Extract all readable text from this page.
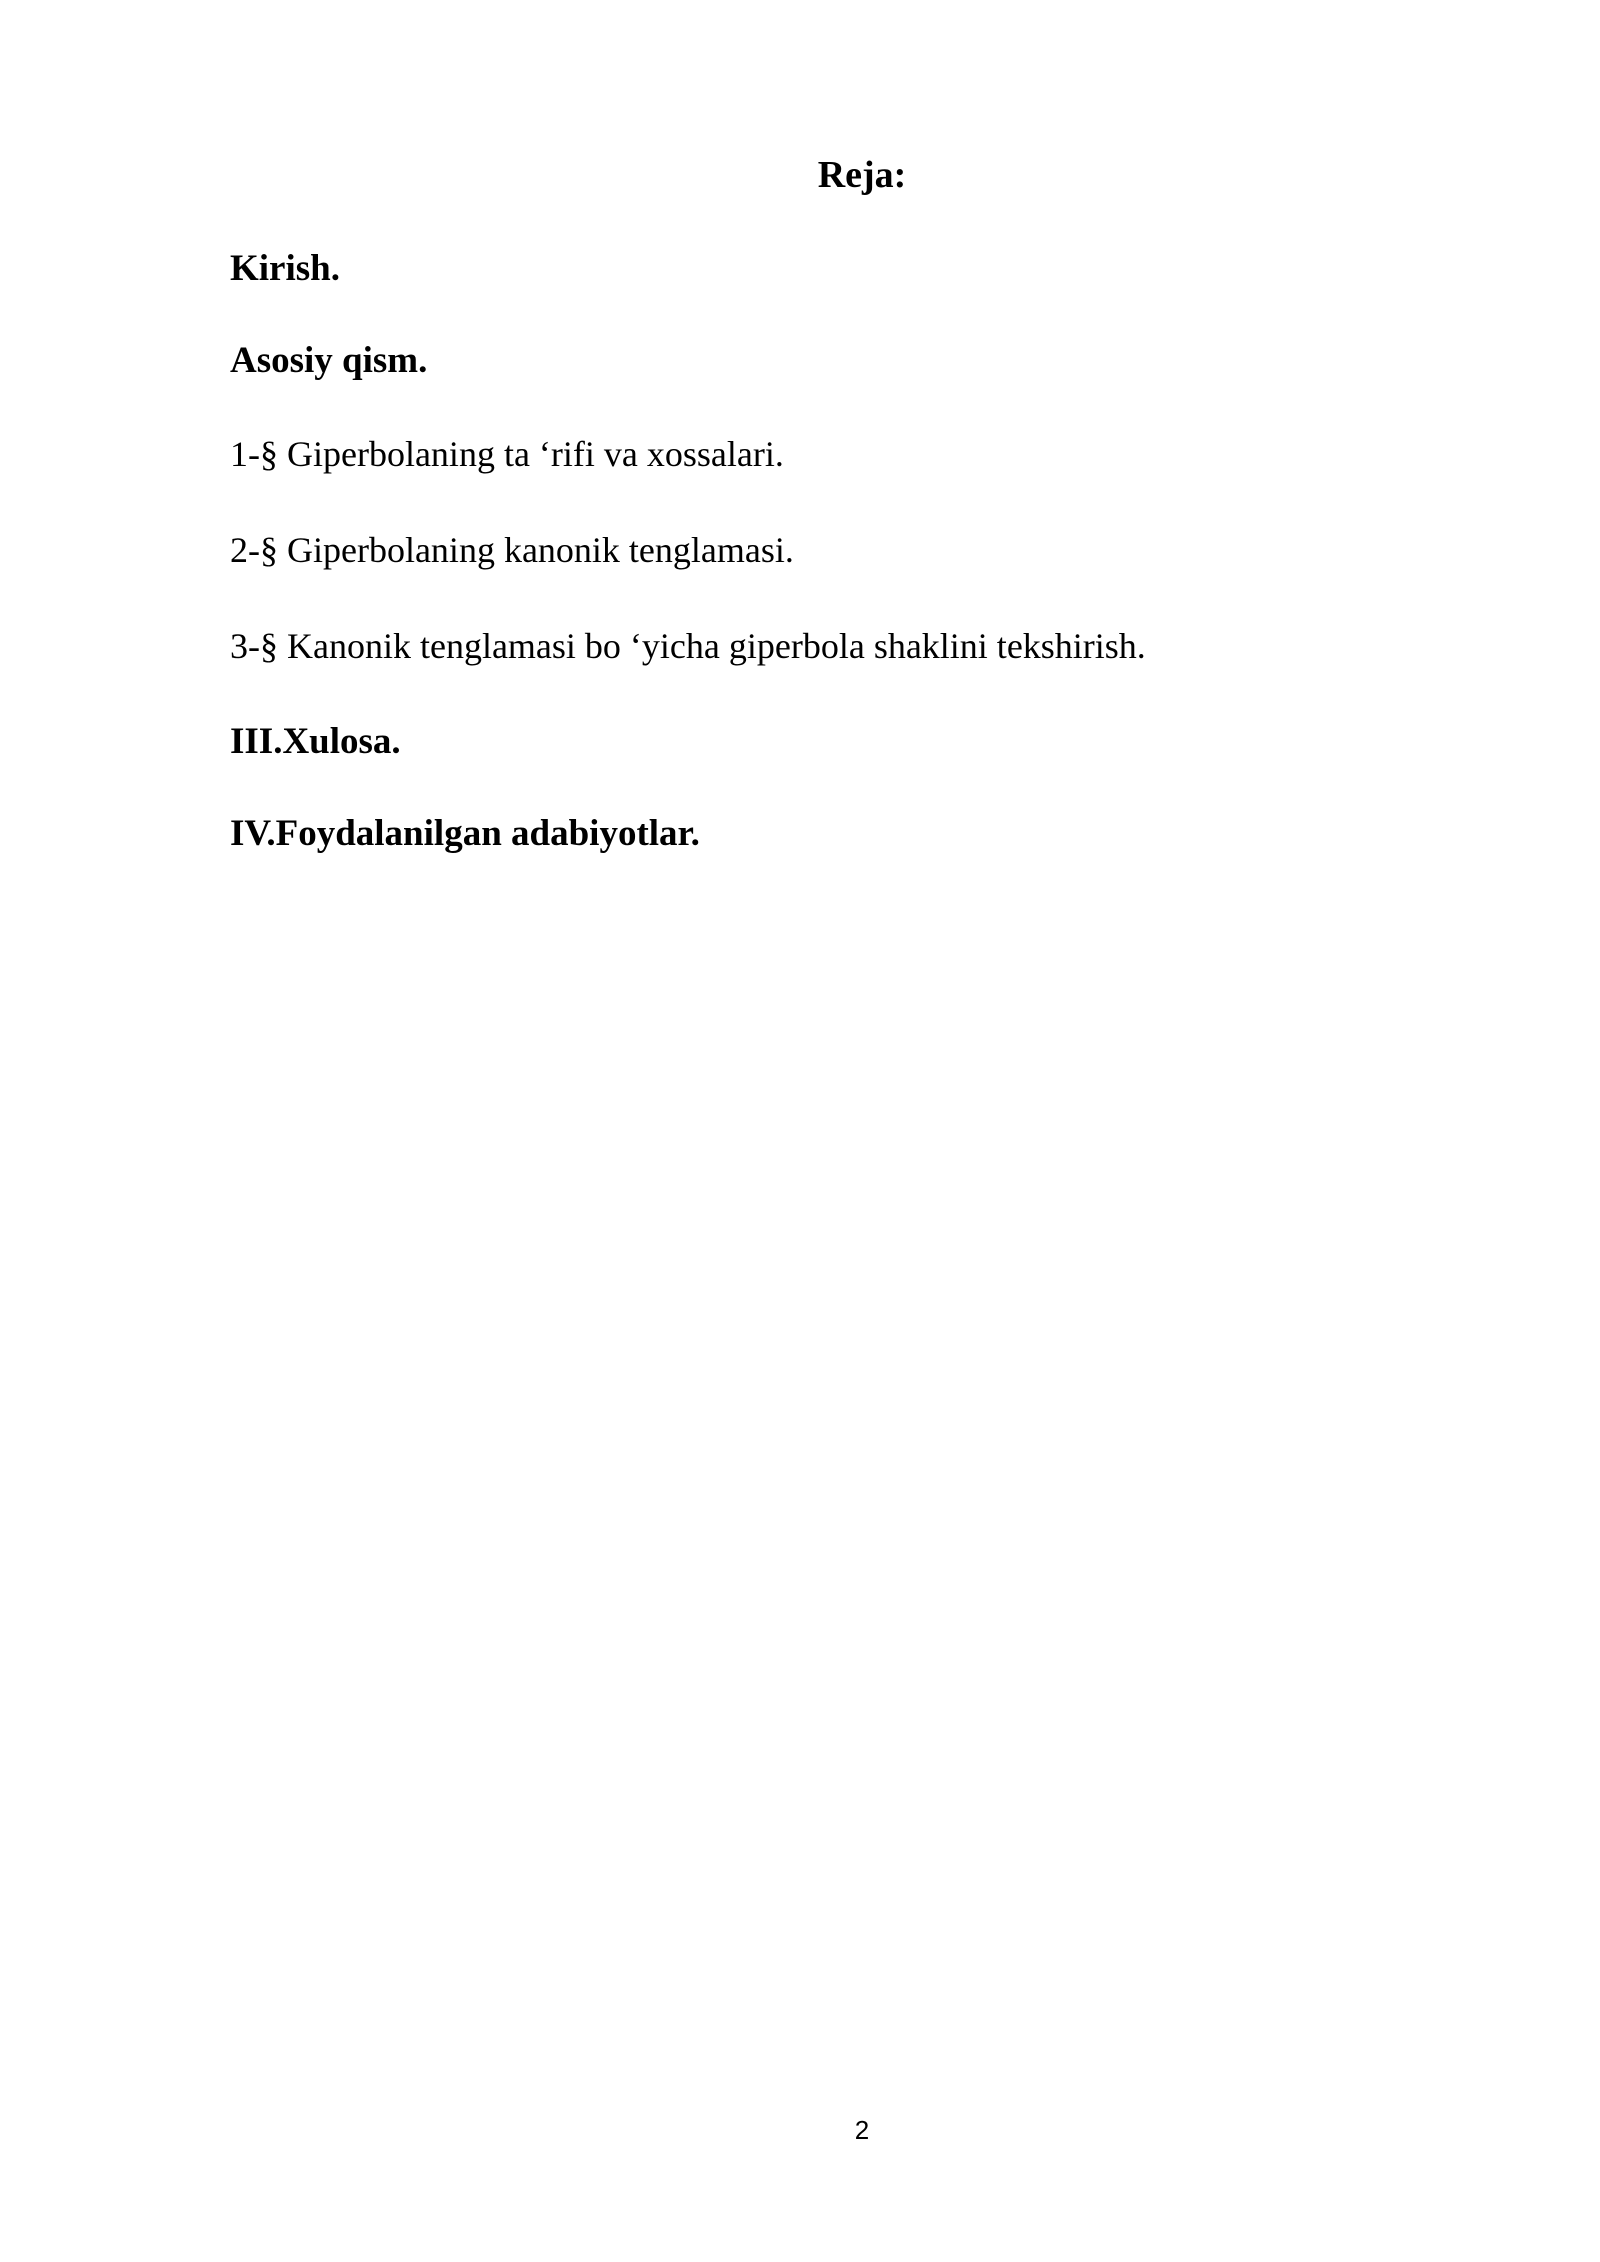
Reja:
Kirish.
Asosiy qism.
1-§ Giperbolaning ta ‘rifi va xossalari.
2-§ Giperbolaning kanonik tenglamasi.
3-§ Kanonik tenglamasi bo ‘yicha giperbola shaklini tekshirish.
III.Xulosa.
IV.Foydalanilgan adabiyotlar.
2
